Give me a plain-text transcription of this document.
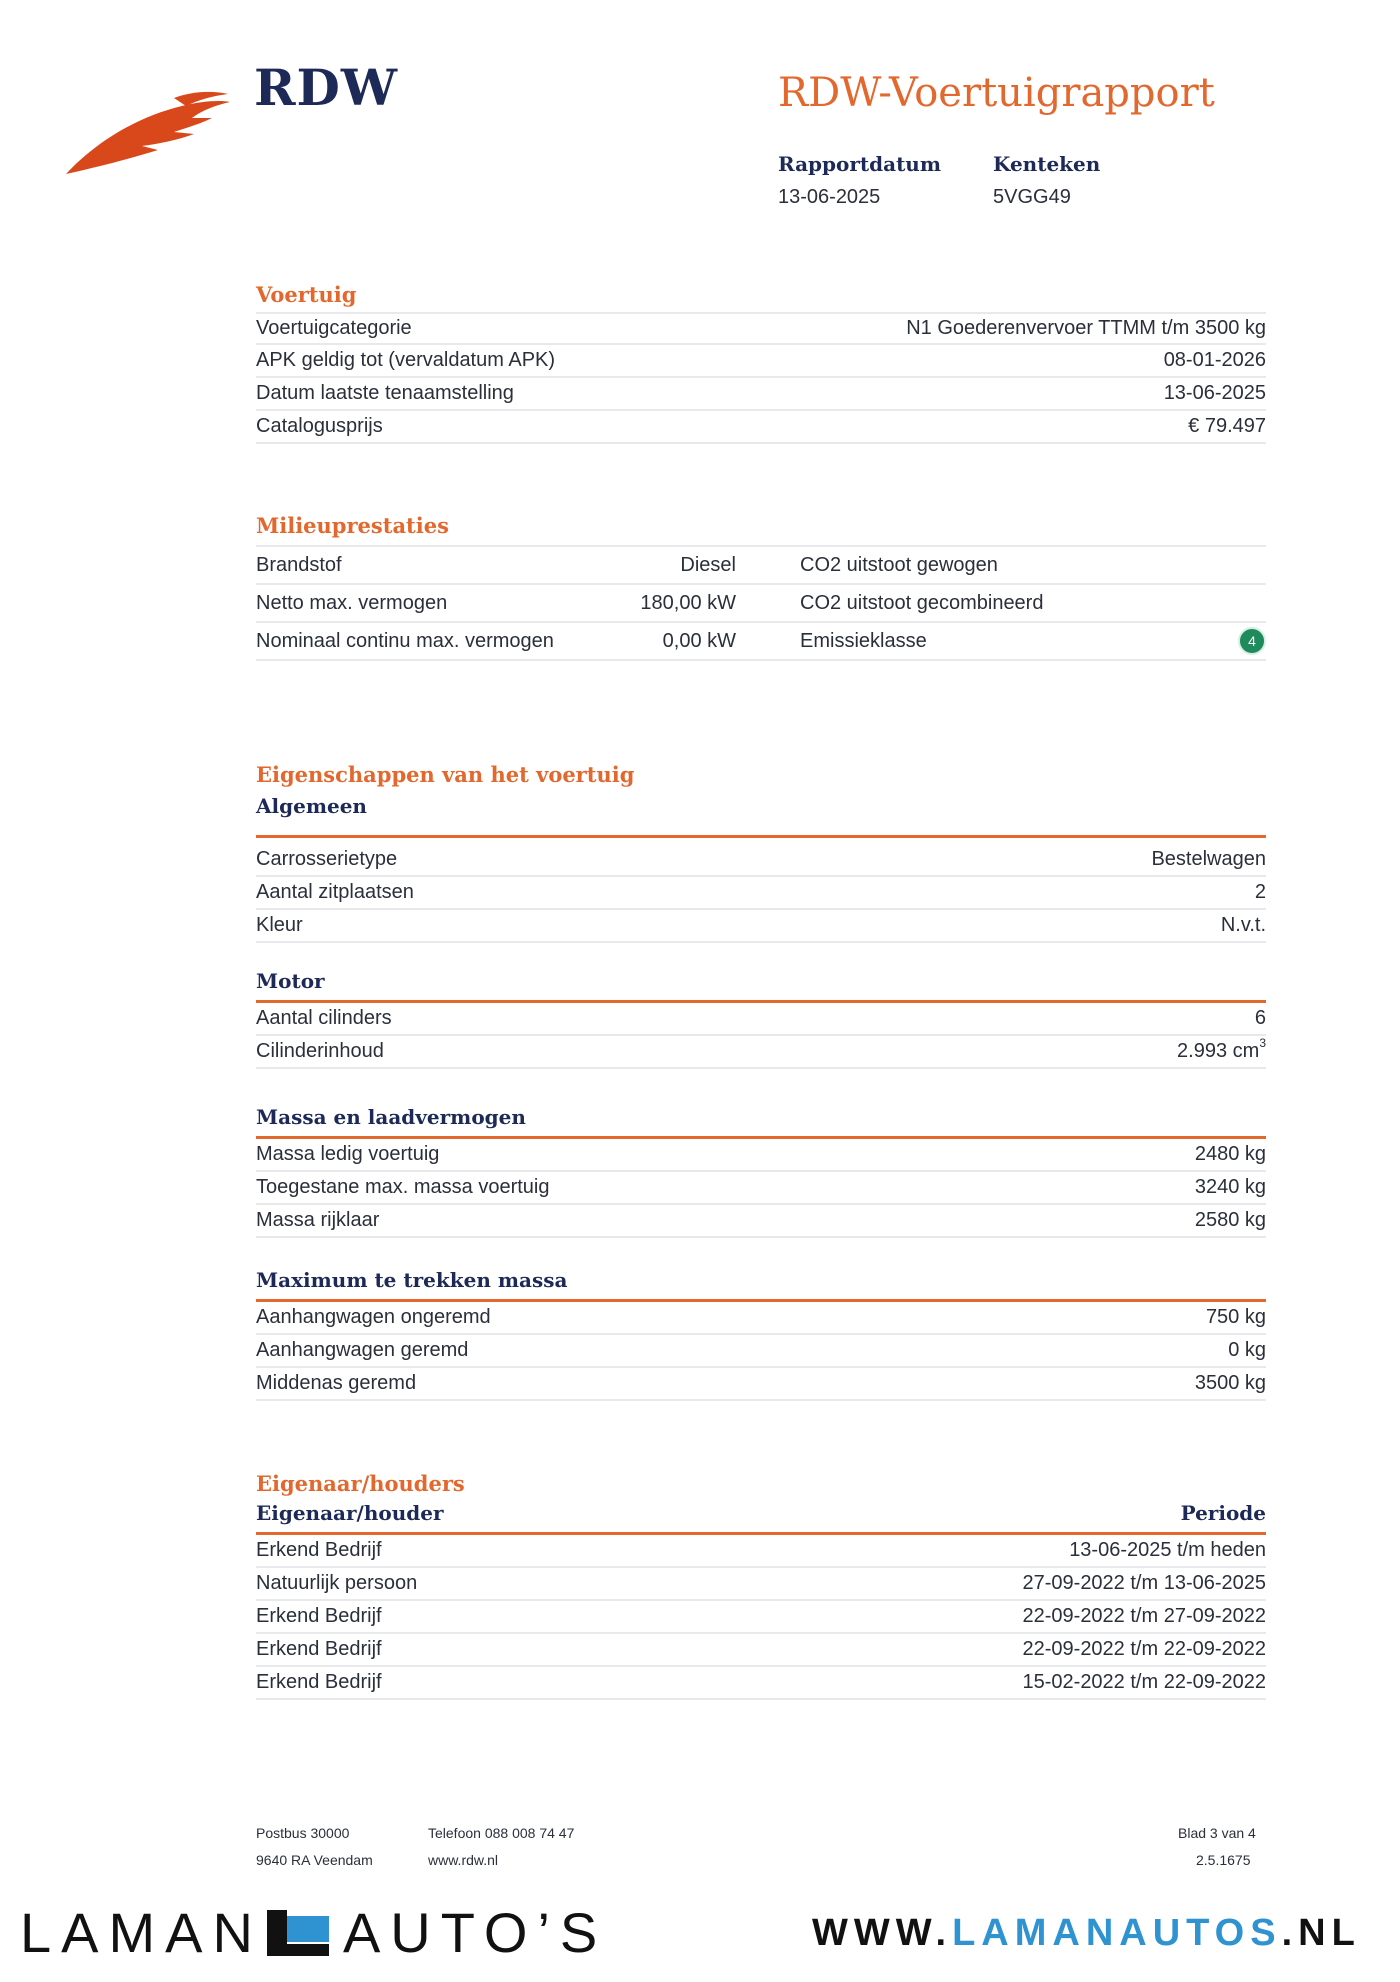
RDW	RDW-Voertuigrapport
Rapportdatum
13-06-2025
Kenteken
5VGG49
Voertuig
Voertuigcategorie	N1 Goederenvervoer TTMM t/m 3500 kg
APK geldig tot (vervaldatum APK)	08-01-2026
Datum laatste tenaamstelling	13-06-2025
Catalogusprijs	€ 79.497
Milieuprestaties
Brandstof	Diesel	CO2 uitstoot gewogen
Netto max. vermogen	180,00 kW	CO2 uitstoot gecombineerd
Nominaal continu max. vermogen	0,00 kW	Emissieklasse	4
Eigenschappen van het voertuig
Algemeen
Carrosserietype	Bestelwagen
Aantal zitplaatsen	2
Kleur	N.v.t.
Motor
Aantal cilinders	6
Cilinderinhoud	2.993 $cm^3$
Massa en laadvermogen
Massa ledig voertuig	2480 kg
Toegestane max. massa voertuig	3240 kg
Massa rijklaar	2580 kg
Maximum te trekken massa
Aanhangwagen ongeremd	750 kg
Aanhangwagen geremd	0 kg
Middenas geremd	3500 kg
Eigenaar/houders
Eigenaar/houder	Periode
Erkend Bedrijf	13-06-2025 t/m heden
Natuurlijk persoon	27-09-2022 t/m 13-06-2025
Erkend Bedrijf	22-09-2022 t/m 27-09-2022
Erkend Bedrijf	22-09-2022 t/m 22-09-2022
Erkend Bedrijf	15-02-2022 t/m 22-09-2022
Postbus 30000	Telefoon 088 008 74 47	Blad 3 van 4
9640 RA Veendam	www.rdw.nl	2.5.1675
LAMAN AUTO’S	WWW.LAMANAUTOS.NL
